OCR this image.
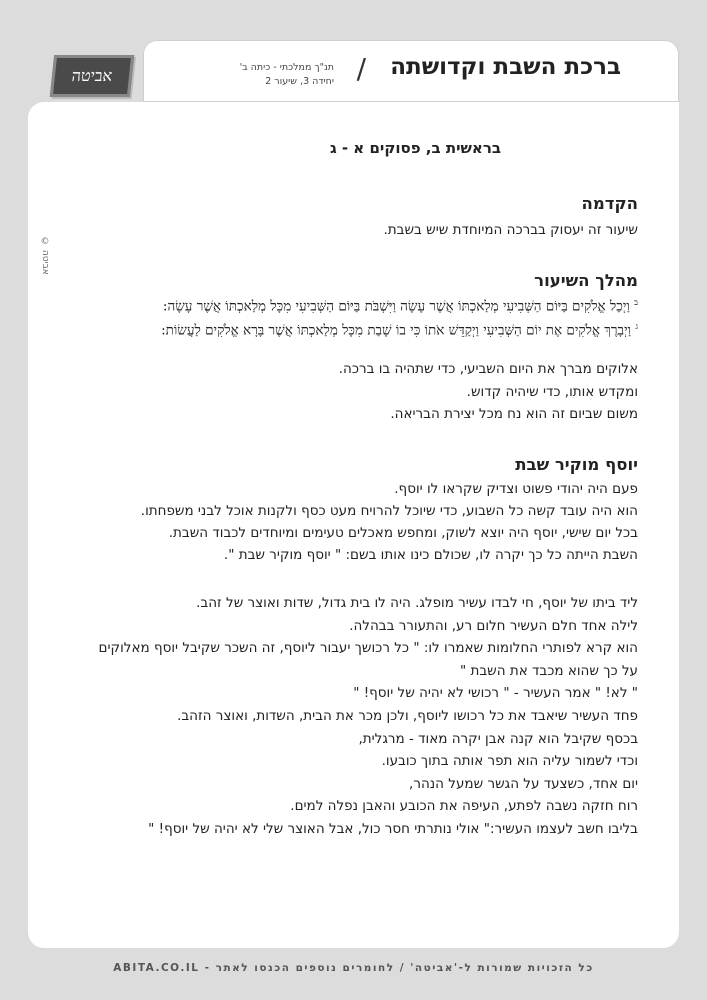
ברכת השבת וקדושתה
/
תנ"ך ממלכתי - כיתה ב'
יחידה 3, שיעור 2
אביטה
© אביטה
בראשית ב, פסוקים א - ג
הקדמה
שיעור זה יעסוק בברכה המיוחדת שיש בשבת.
מהלך השיעור
$^ב$ וַיְכַל אֱלֹקִים בַּיּוֹם הַשְּׁבִיעִי מְלַאכְתּוֹ אֲשֶׁר עָשָׂה וַיִּשְׁבֹּת בַּיּוֹם הַשְּׁבִיעִי מִכָּל מְלַאכְתּוֹ אֲשֶׁר עָשָׂה:
$^ג$ וַיְבָרֶךְ אֱלֹקִים אֶת יוֹם הַשְּׁבִיעִי וַיְקַדֵּשׁ אֹתוֹ כִּי בוֹ שָׁבַת מִכָּל מְלַאכְתּוֹ אֲשֶׁר בָּרָא אֱלֹקִים לַעֲשׂוֹת:
אלוקים מברך את היום השביעי, כדי שתהיה בו ברכה.
ומקדש אותו, כדי שיהיה קדוש.
משום שביום זה הוא נח מכל יצירת הבריאה.
יוסף מוקיר שבת
פעם היה יהודי פשוט וצדיק שקראו לו יוסף.
הוא היה עובד קשה כל השבוע, כדי שיוכל להרויח מעט כסף ולקנות אוכל לבני משפחתו.
בכל יום שישי, יוסף היה יוצא לשוק, ומחפש מאכלים טעימים ומיוחדים לכבוד השבת.
השבת הייתה כל כך יקרה לו, שכולם כינו אותו בשם: " יוסף מוקיר שבת ".
ליד ביתו של יוסף, חי לבדו עשיר מופלג. היה לו בית גדול, שדות ואוצר של זהב.
לילה אחד חלם העשיר חלום רע, והתעורר בבהלה.
הוא קרא לפותרי החלומות שאמרו לו: " כל רכושך יעבור ליוסף, זה השכר שקיבל יוסף מאלוקים
על כך שהוא מכבד את השבת "
" לא! " אמר העשיר - " רכושי לא יהיה של יוסף! "
פחד העשיר שיאבד את כל רכושו ליוסף, ולכן מכר את הבית, השדות, ואוצר הזהב.
בכסף שקיבל הוא קנה אבן יקרה מאוד - מרגלית,
וכדי לשמור עליה הוא תפר אותה בתוך כובעו.
יום אחד, כשצעד על הגשר שמעל הנהר,
רוח חזקה נשבה לפתע, העיפה את הכובע והאבן נפלה למים.
בליבו חשב לעצמו העשיר:" אולי נותרתי חסר כול, אבל האוצר שלי לא יהיה של יוסף! "
כל הזכויות שמורות ל-'אביטה' / לחומרים נוספים הכנסו לאתר - ABITA.CO.IL
